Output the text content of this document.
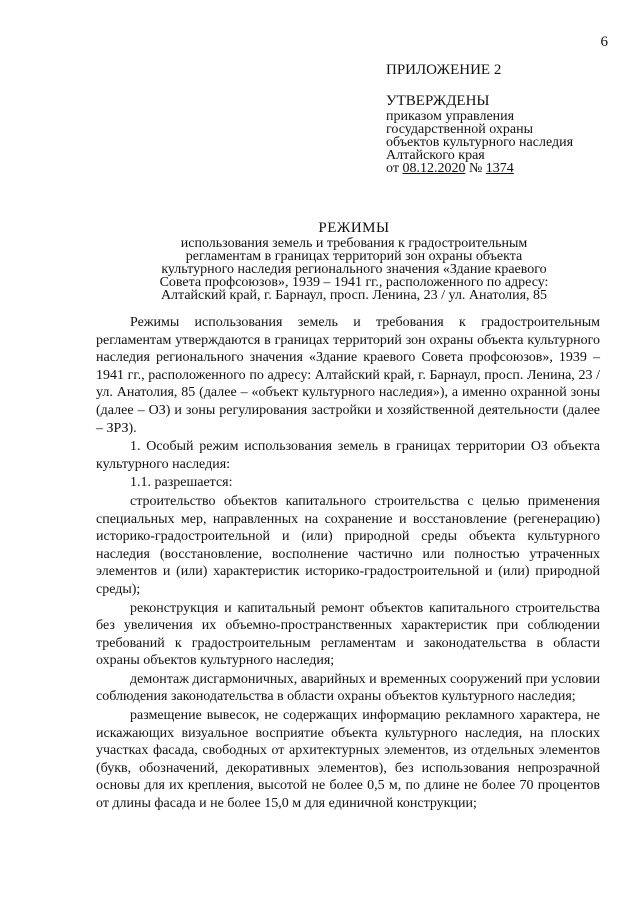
6
ПРИЛОЖЕНИЕ 2
УТВЕРЖДЕНЫ
приказом управления
государственной охраны
объектов культурного наследия
Алтайского края
от 08.12.2020 № 1374
РЕЖИМЫ
использования земель и требования к градостроительным
регламентам в границах территорий зон охраны объекта
культурного наследия регионального значения «Здание краевого
Совета профсоюзов», 1939 – 1941 гг., расположенного по адресу:
Алтайский край, г. Барнаул, просп. Ленина, 23 / ул. Анатолия, 85

Режимы использования земель и требования к градостроительным регламентам утверждаются в границах территорий зон охраны объекта культурного наследия регионального значения «Здание краевого Совета профсоюзов», 1939 – 1941 гг., расположенного по адресу: Алтайский край, г. Барнаул, просп. Ленина, 23 / ул. Анатолия, 85 (далее – «объект культурного наследия»), а именно охранной зоны (далее – ОЗ) и зоны регулирования застройки и хозяйственной деятельности (далее – ЗРЗ).

1. Особый режим использования земель в границах территории ОЗ объекта культурного наследия:

1.1. разрешается:

строительство объектов капитального строительства с целью применения специальных мер, направленных на сохранение и восстановление (регенерацию) историко-градостроительной и (или) природной среды объекта культурного наследия (восстановление, восполнение частично или полностью утраченных элементов и (или) характеристик историко-градостроительной и (или) природной среды);

реконструкция и капитальный ремонт объектов капитального строительства без увеличения их объемно-пространственных характеристик при соблюдении требований к градостроительным регламентам и законодательства в области охраны объектов культурного наследия;

демонтаж дисгармоничных, аварийных и временных сооружений при условии соблюдения законодательства в области охраны объектов культурного наследия;

размещение вывесок, не содержащих информацию рекламного характера, не искажающих визуальное восприятие объекта культурного наследия, на плоских участках фасада, свободных от архитектурных элементов, из отдельных элементов (букв, обозначений, декоративных элементов), без использования непрозрачной основы для их крепления, высотой не более 0,5 м, по длине не более 70 процентов от длины фасада и не более 15,0 м для единичной конструкции;
